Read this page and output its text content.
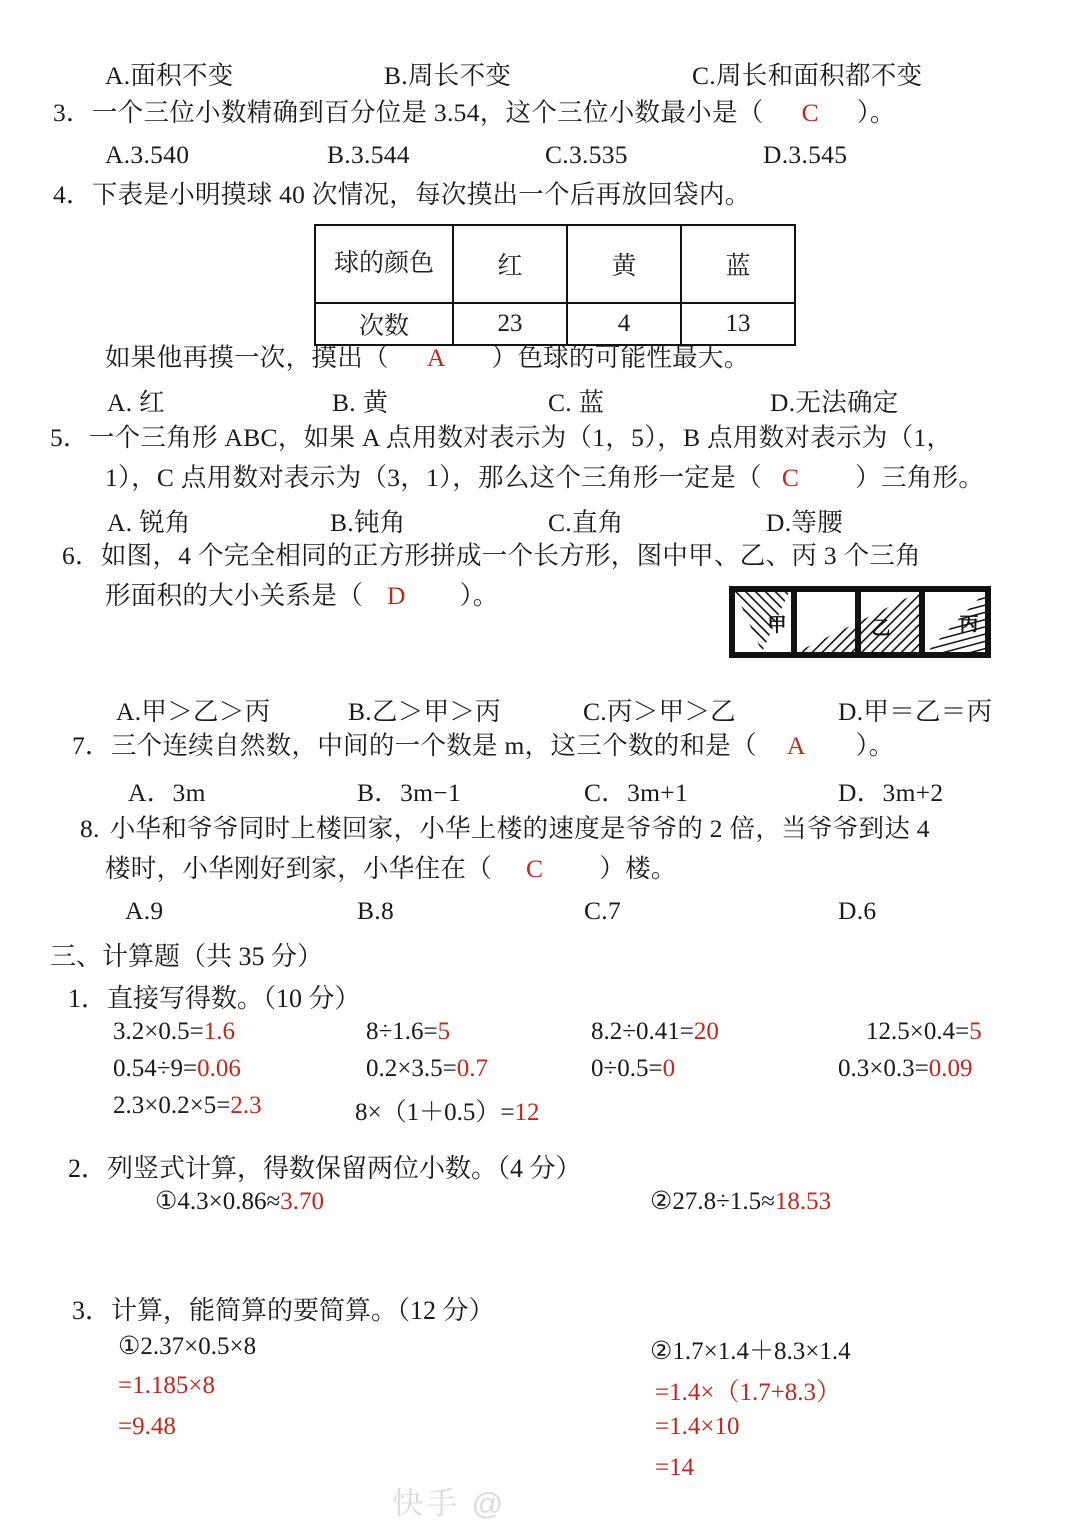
A.面积不变	B.周长不变	C.周长和面积都不变
3．一个三位小数精确到百分位是 3.54，这个三位小数最小是（ C ）。
A.3.540	B.3.544	C.3.535	D.3.545
4．下表是小明摸球 40 次情况，每次摸出一个后再放回袋内。
球的颜色	红	黄	蓝
次数	23	4	13
如果他再摸一次，摸出（ A ）色球的可能性最大。
A. 红	B. 黄	C. 蓝	D.无法确定
5．一个三角形 ABC，如果 A 点用数对表示为（1，5），B 点用数对表示为（1，
1），C 点用数对表示为（3，1），那么这个三角形一定是（ C ）三角形。
A. 锐角	B.钝角	C.直角	D.等腰
6．如图，4 个完全相同的正方形拼成一个长方形，图中甲、乙、丙 3 个三角
形面积的大小关系是（ D ）。
甲	乙	丙
A.甲＞乙＞丙	B.乙＞甲＞丙	C.丙＞甲＞乙	D.甲＝乙＝丙
7．三个连续自然数，中间的一个数是 m，这三个数的和是（ A ）。
A．3m	B．3m−1	C．3m+1	D．3m+2
8. 小华和爷爷同时上楼回家，小华上楼的速度是爷爷的 2 倍，当爷爷到达 4
楼时，小华刚好到家，小华住在（ C ）楼。
A.9	B.8	C.7	D.6
三、计算题（共 35 分）
1．直接写得数。（10 分）
3.2×0.5=1.6	8÷1.6=5	8.2÷0.41=20	12.5×0.4=5
0.54÷9=0.06	0.2×3.5=0.7	0÷0.5=0	0.3×0.3=0.09
2.3×0.2×5=2.3	8×（1＋0.5）=12
2．列竖式计算，得数保留两位小数。（4 分）
①4.3×0.86≈3.70	②27.8÷1.5≈18.53
3．计算，能简算的要简算。（12 分）
①2.37×0.5×8
=1.185×8
=9.48
②1.7×1.4＋8.3×1.4
=1.4×（1.7+8.3）
=1.4×10
=14
快手 @
